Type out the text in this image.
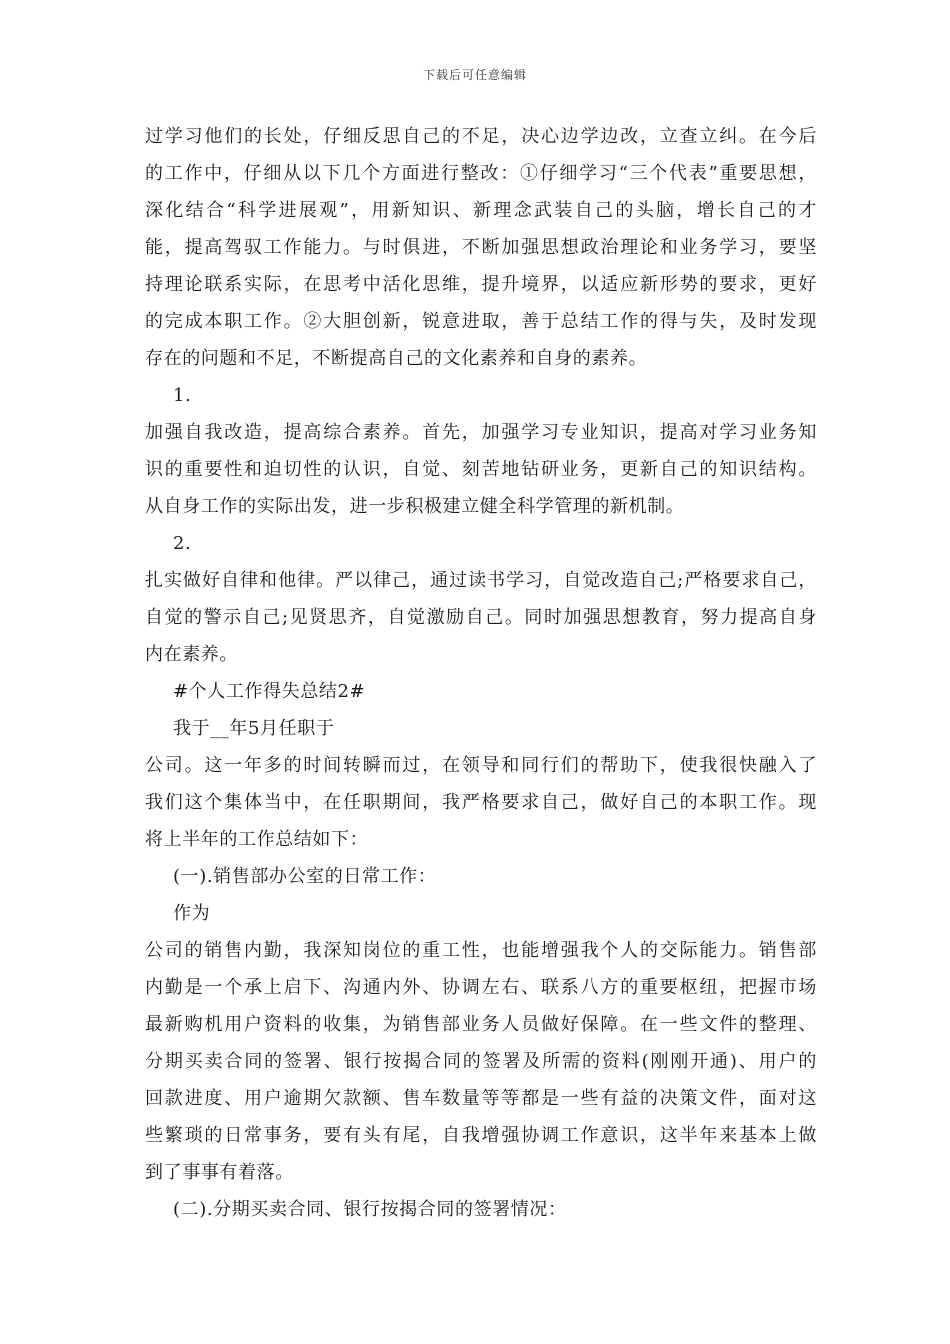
下载后可任意编辑
过学习他们的长处，仔细反思自己的不足，决心边学边改，立查立纠。在今后
的工作中，仔细从以下几个方面进行整改：①仔细学习“三个代表”重要思想，
深化结合“科学进展观”，用新知识、新理念武装自己的头脑，增长自己的才
能，提高驾驭工作能力。与时俱进，不断加强思想政治理论和业务学习，要坚
持理论联系实际，在思考中活化思维，提升境界，以适应新形势的要求，更好
的完成本职工作。②大胆创新，锐意进取，善于总结工作的得与失，及时发现
存在的问题和不足，不断提高自己的文化素养和自身的素养。
1.
加强自我改造，提高综合素养。首先，加强学习专业知识，提高对学习业务知
识的重要性和迫切性的认识，自觉、刻苦地钻研业务，更新自己的知识结构。
从自身工作的实际出发，进一步积极建立健全科学管理的新机制。
2.
扎实做好自律和他律。严以律己，通过读书学习，自觉改造自己;严格要求自己，
自觉的警示自己;见贤思齐，自觉激励自己。同时加强思想教育，努力提高自身
内在素养。
#个人工作得失总结2#
我于__年5月任职于
公司。这一年多的时间转瞬而过，在领导和同行们的帮助下，使我很快融入了
我们这个集体当中，在任职期间，我严格要求自己，做好自己的本职工作。现
将上半年的工作总结如下：
(一).销售部办公室的日常工作：
作为
公司的销售内勤，我深知岗位的重工性，也能增强我个人的交际能力。销售部
内勤是一个承上启下、沟通内外、协调左右、联系八方的重要枢纽，把握市场
最新购机用户资料的收集，为销售部业务人员做好保障。在一些文件的整理、
分期买卖合同的签署、银行按揭合同的签署及所需的资料(刚刚开通)、用户的
回款进度、用户逾期欠款额、售车数量等等都是一些有益的决策文件，面对这
些繁琐的日常事务，要有头有尾，自我增强协调工作意识，这半年来基本上做
到了事事有着落。
(二).分期买卖合同、银行按揭合同的签署情况：
